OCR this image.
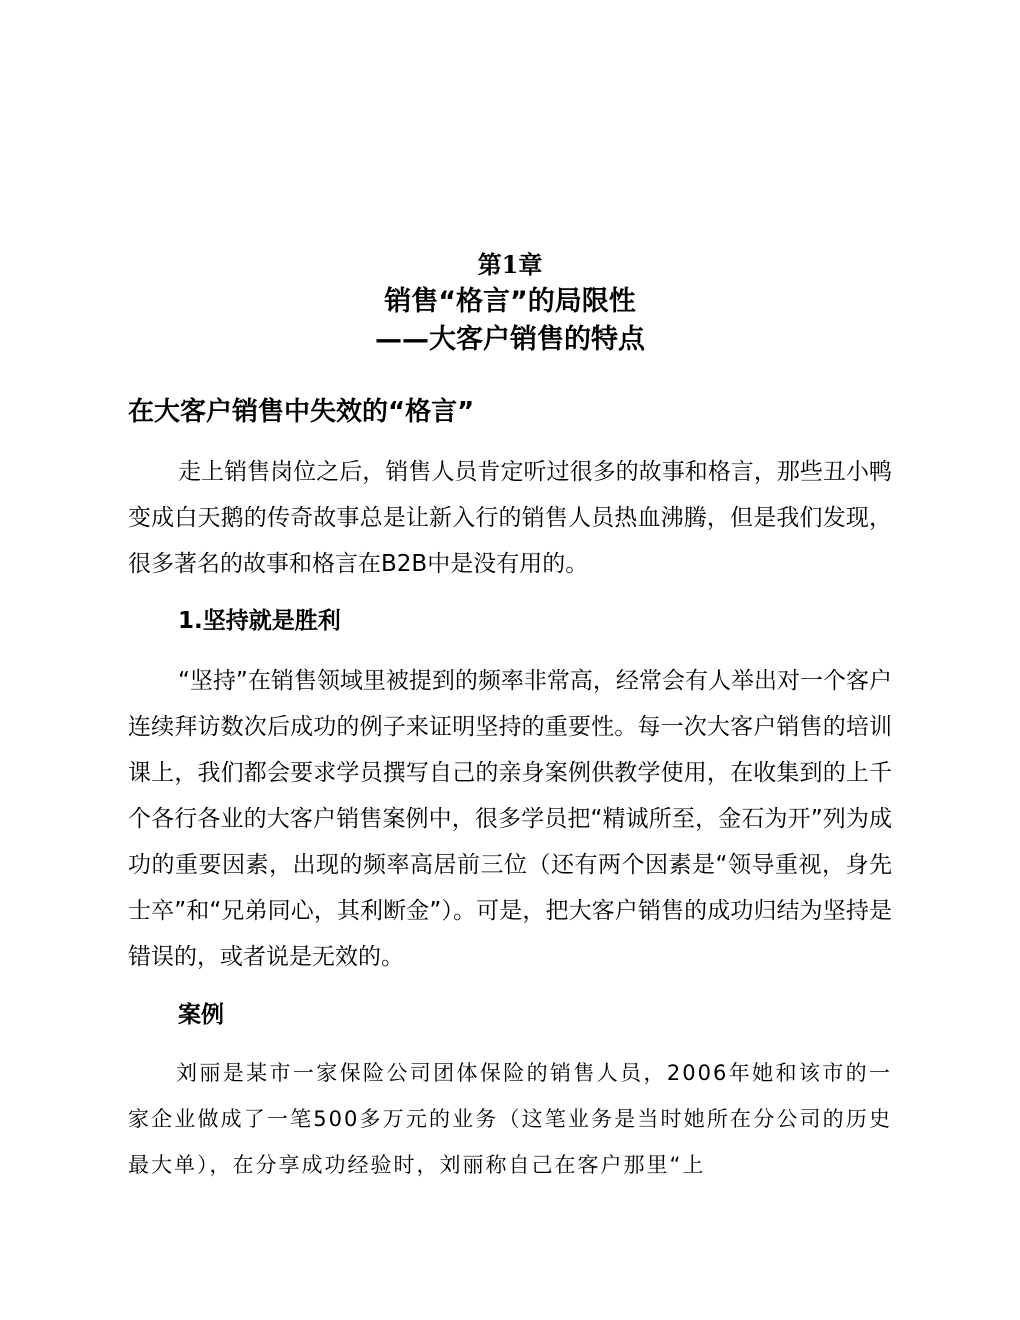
第1章

销售“格言”的局限性

——大客户销售的特点

在大客户销售中失效的“格言”

走上销售岗位之后，销售人员肯定听过很多的故事和格言，那些丑小鸭变成白天鹅的传奇故事总是让新入行的销售人员热血沸腾，但是我们发现，很多著名的故事和格言在B2B中是没有用的。

1.坚持就是胜利

“坚持”在销售领域里被提到的频率非常高，经常会有人举出对一个客户连续拜访数次后成功的例子来证明坚持的重要性。每一次大客户销售的培训课上，我们都会要求学员撰写自己的亲身案例供教学使用，在收集到的上千个各行各业的大客户销售案例中，很多学员把“精诚所至，金石为开”列为成功的重要因素，出现的频率高居前三位（还有两个因素是“领导重视，身先士卒”和“兄弟同心，其利断金”）。可是，把大客户销售的成功归结为坚持是错误的，或者说是无效的。

案例

刘丽是某市一家保险公司团体保险的销售人员，2006年她和该市的一家企业做成了一笔500多万元的业务（这笔业务是当时她所在分公司的历史最大单），在分享成功经验时，刘丽称自己在客户那里“上
